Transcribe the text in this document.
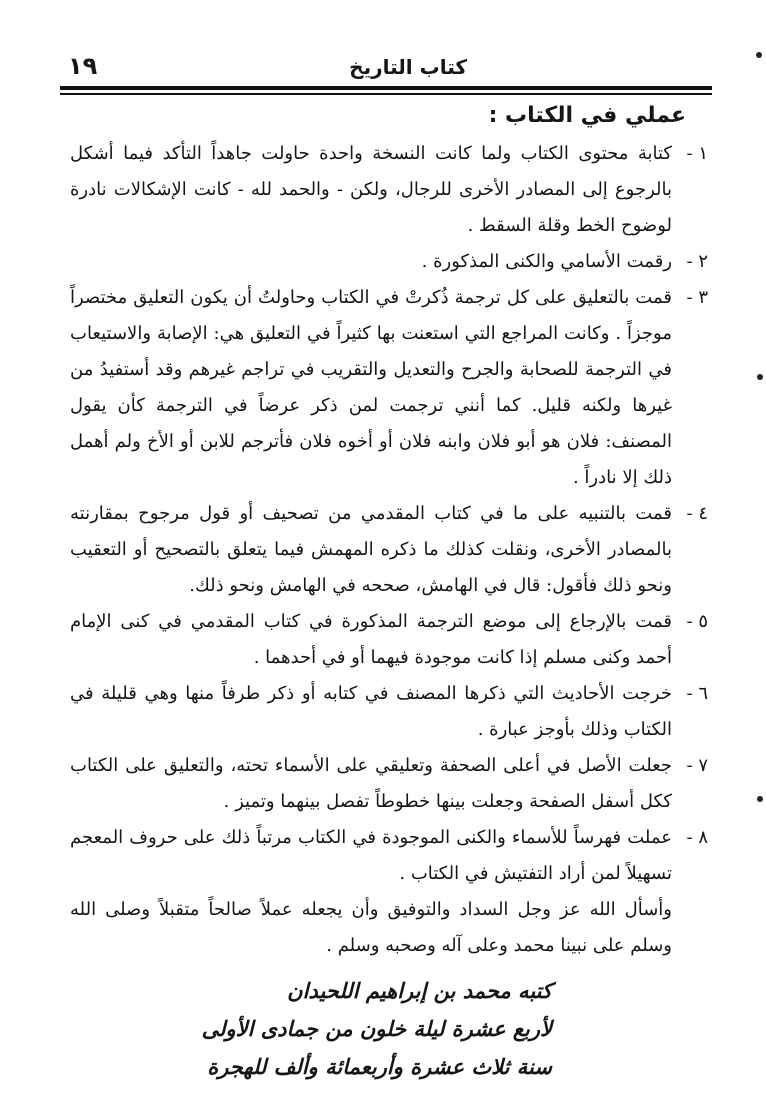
كتاب التاريخ
١٩
عملي في الكتاب :
١ -
كتابة محتوى الكتاب ولما كانت النسخة واحدة حاولت جاهداً التأكد فيما أشكل بالرجوع إلى المصادر الأخرى للرجال، ولكن - والحمد لله - كانت الإشكالات نادرة لوضوح الخط وقلة السقط .
٢ -
رقمت الأسامي والكنى المذكورة .
٣ -
قمت بالتعليق على كل ترجمة ذُكرتْ في الكتاب وحاولتُ أن يكون التعليق مختصراً موجزاً . وكانت المراجع التي استعنت بها كثيراً في التعليق هي: الإصابة والاستيعاب في الترجمة للصحابة والجرح والتعديل والتقريب في تراجم غيرهم وقد أستفيدُ من غيرها ولكنه قليل. كما أنني ترجمت لمن ذكر عرضاً في الترجمة كأن يقول المصنف: فلان هو أبو فلان وابنه فلان أو أخوه فلان فأترجم للابن أو الأخ ولم أهمل ذلك إلا نادراً .
٤ -
قمت بالتنبيه على ما في كتاب المقدمي من تصحيف أو قول مرجوح بمقارنته بالمصادر الأخرى، ونقلت كذلك ما ذكره المهمش فيما يتعلق بالتصحيح أو التعقيب ونحو ذلك فأقول: قال في الهامش، صححه في الهامش ونحو ذلك.
٥ -
قمت بالإرجاع إلى موضع الترجمة المذكورة في كتاب المقدمي في كنى الإمام أحمد وكنى مسلم إذا كانت موجودة فيهما أو في أحدهما .
٦ -
خرجت الأحاديث التي ذكرها المصنف في كتابه أو ذكر طرفاً منها وهي قليلة في الكتاب وذلك بأوجز عبارة .
٧ -
جعلت الأصل في أعلى الصحفة وتعليقي على الأسماء تحته، والتعليق على الكتاب ككل أسفل الصفحة وجعلت بينها خطوطاً تفصل بينهما وتميز .
٨ -
عملت فهرساً للأسماء والكنى الموجودة في الكتاب مرتباً ذلك على حروف المعجم تسهيلاً لمن أراد التفتيش في الكتاب .
وأسأل الله عز وجل السداد والتوفيق وأن يجعله عملاً صالحاً متقبلاً وصلى الله وسلم على نبينا محمد وعلى آله وصحبه وسلم .
كتبه محمد بن إبراهيم اللحيدان
لأربع عشرة ليلة خلون من جمادى الأولى
سنة ثلاث عشرة وأربعمائة وألف للهجرة
